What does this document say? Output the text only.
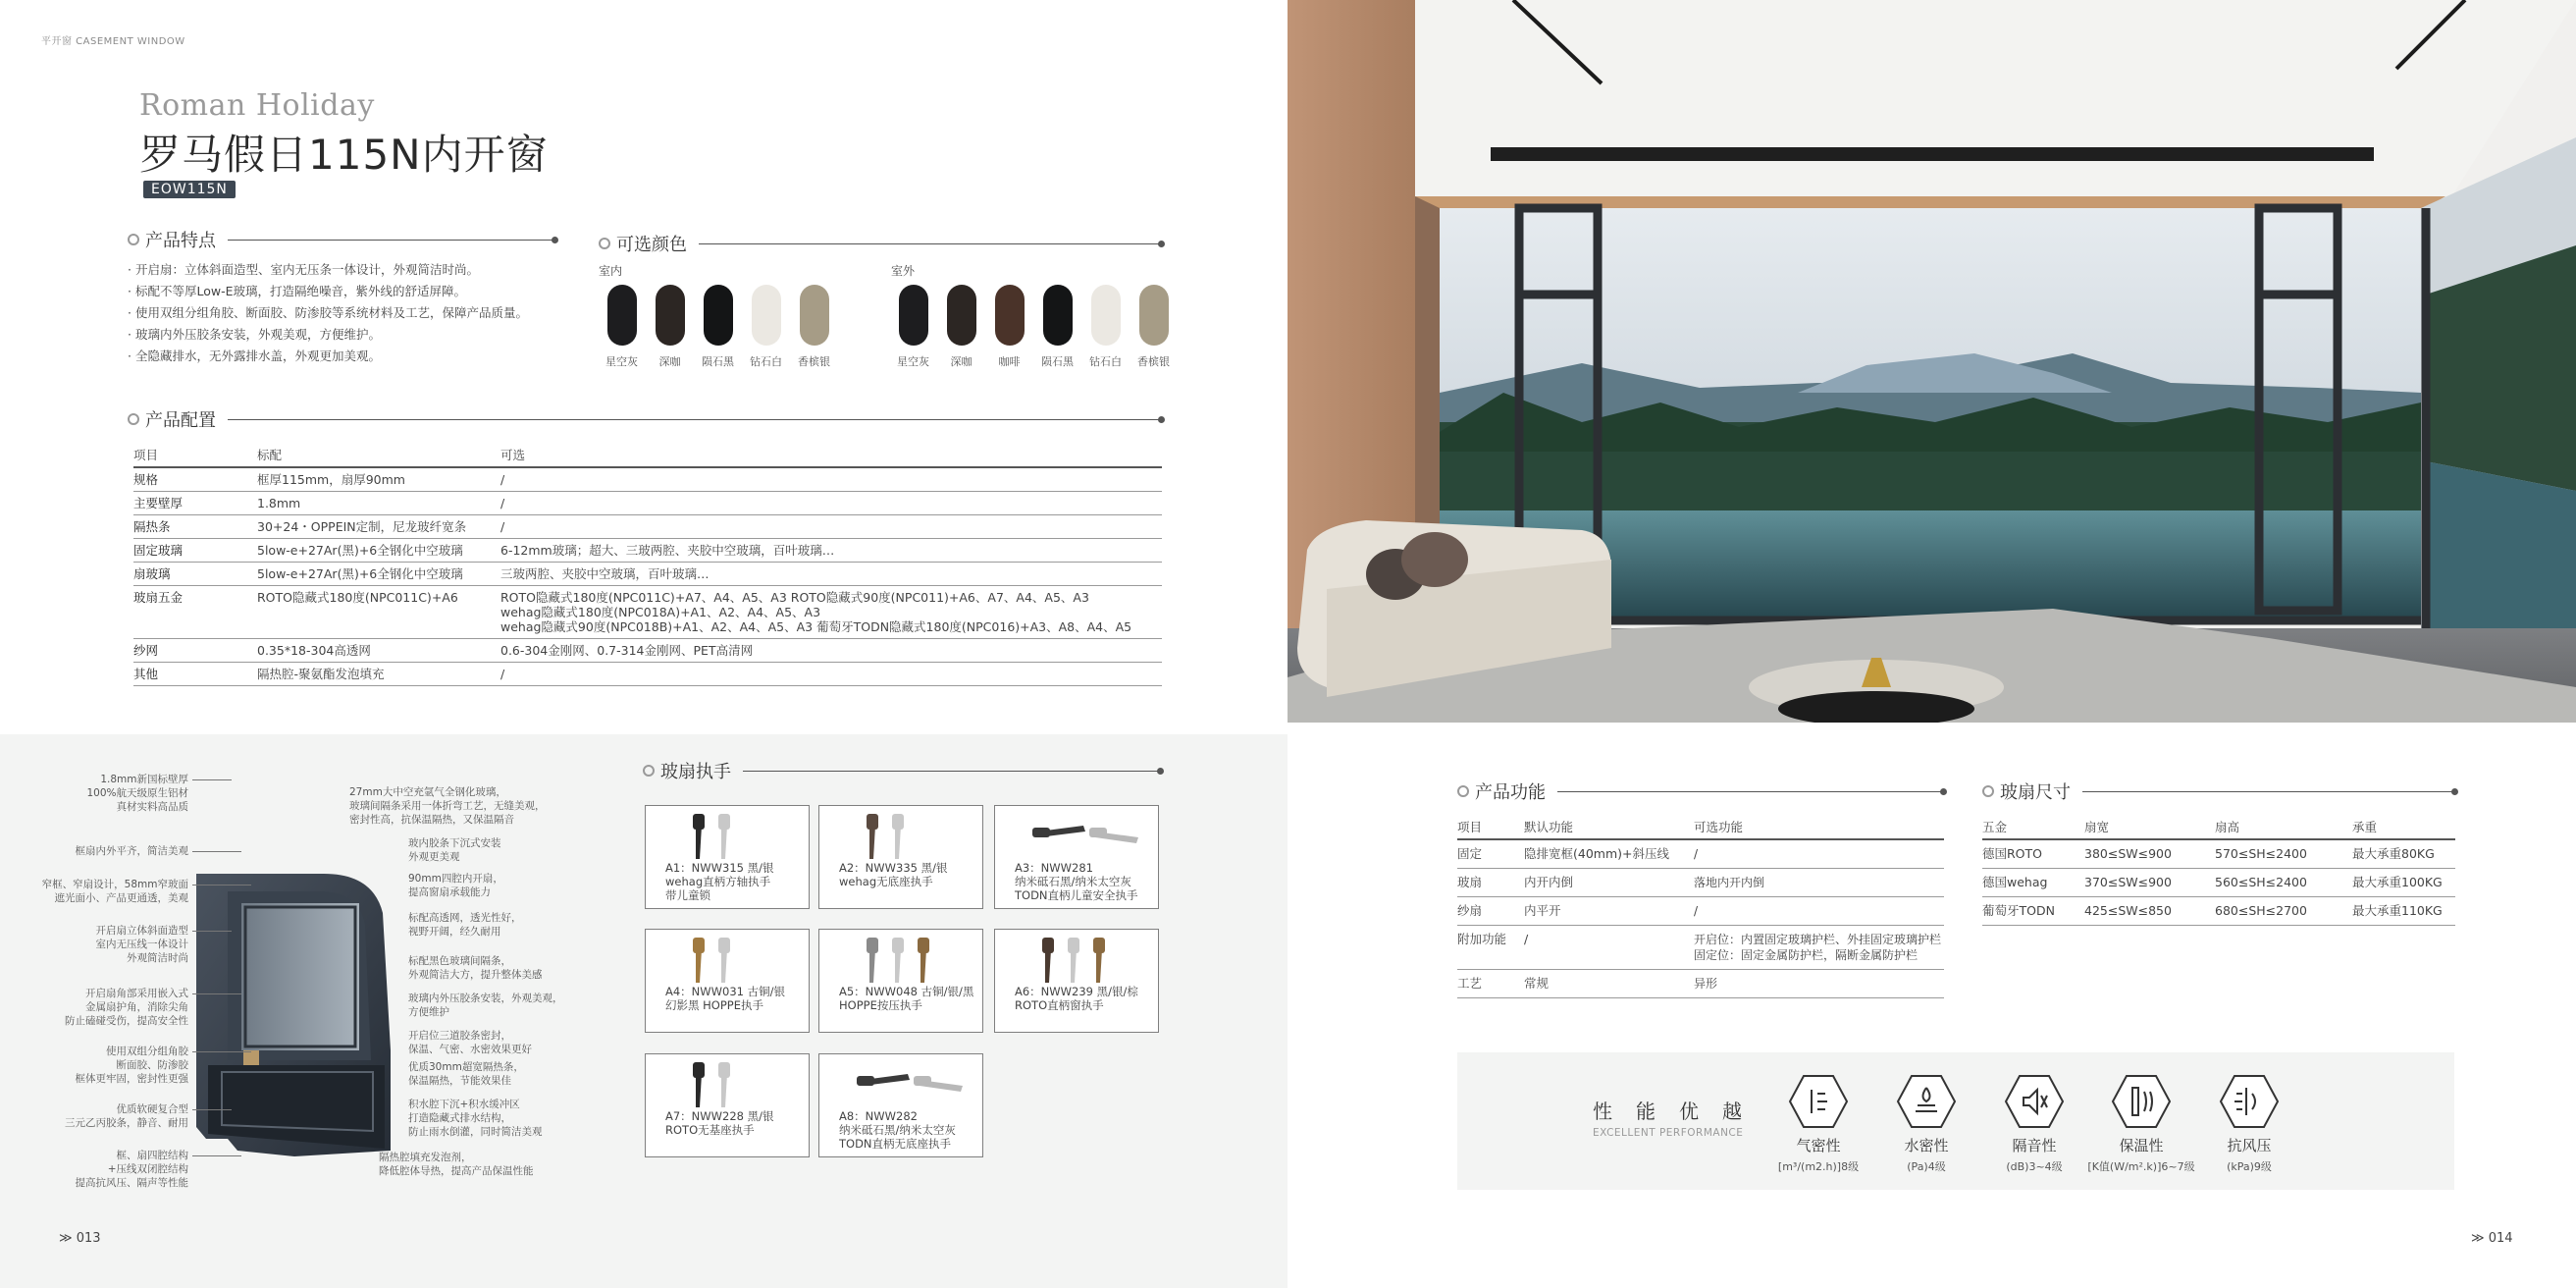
平开窗 CASEMENT WINDOW
Roman Holiday
罗马假日115N内开窗
EOW115N
产品特点
· 开启扇：立体斜面造型、室内无压条一体设计，外观简洁时尚。
· 标配不等厚Low-E玻璃，打造隔绝噪音，紫外线的舒适屏障。
· 使用双组分组角胶、断面胶、防渗胶等系统材料及工艺，保障产品质量。
· 玻璃内外压胶条安装，外观美观，方便维护。
· 全隐藏排水，无外露排水盖，外观更加美观。
可选颜色
室内	室外
星空灰 深咖 陨石黑 钻石白 香槟银	星空灰 深咖 咖啡 陨石黑 钻石白 香槟银
产品配置
项目	标配	可选
规格	框厚115mm，扇厚90mm	/
主要壁厚	1.8mm	/
隔热条	30+24・OPPEIN定制，尼龙玻纤宽条	/
固定玻璃	5low-e+27Ar(黑)+6全钢化中空玻璃	6-12mm玻璃；超大、三玻两腔、夹胶中空玻璃，百叶玻璃…
扇玻璃	5low-e+27Ar(黑)+6全钢化中空玻璃	三玻两腔、夹胶中空玻璃，百叶玻璃…
玻扇五金	ROTO隐藏式180度(NPC011C)+A6	ROTO隐藏式180度(NPC011C)+A7、A4、A5、A3 ROTO隐藏式90度(NPC011)+A6、A7、A4、A5、A3
wehag隐藏式180度(NPC018A)+A1、A2、A4、A5、A3
wehag隐藏式90度(NPC018B)+A1、A2、A4、A5、A3 葡萄牙TODN隐藏式180度(NPC016)+A3、A8、A4、A5
纱网	0.35*18-304高透网	0.6-304金刚网、0.7-314金刚网、PET高清网
其他	隔热腔-聚氨酯发泡填充	/
1.8mm新国标壁厚
100%航天级原生铝材
真材实料高品质
框扇内外平齐，简洁美观
窄框、窄扇设计，58mm窄玻面
遮光面小、产品更通透，美观
开启扇立体斜面造型
室内无压线一体设计
外观简洁时尚
开启扇角部采用嵌入式
金属扇护角，消除尖角
防止磕碰受伤，提高安全性
使用双组分组角胶
断面胶、防渗胶
框体更牢固，密封性更强
优质软硬复合型
三元乙丙胶条，静音、耐用
框、扇四腔结构
+压线双闭腔结构
提高抗风压、隔声等性能
27mm大中空充氩气全钢化玻璃，
玻璃间隔条采用一体折弯工艺，无缝美观，
密封性高，抗保温隔热，又保温隔音
玻内胶条下沉式安装
外观更美观
90mm四腔内开扇，
提高窗扇承载能力
标配高透网，透光性好，
视野开阔，经久耐用
标配黑色玻璃间隔条，
外观简洁大方，提升整体美感
玻璃内外压胶条安装，外观美观，
方便维护
开启位三道胶条密封，
保温、气密、水密效果更好
优质30mm超宽隔热条，
保温隔热，节能效果佳
积水腔下沉+积水缓冲区
打造隐藏式排水结构，
防止雨水倒灌，同时简洁美观
隔热腔填充发泡剂，
降低腔体导热，提高产品保温性能
玻扇执手
A1：NWW315 黑/银
wehag直柄方轴执手
带儿童锁
A2：NWW335 黑/银
wehag无底座执手
A3：NWW281
纳米砥石黑/纳米太空灰
TODN直柄儿童安全执手
A4：NWW031 古铜/银
幻影黑 HOPPE执手
A5：NWW048 古铜/银/黑
HOPPE按压执手
A6：NWW239 黑/银/棕
ROTO直柄窗执手
A7：NWW228 黑/银
ROTO无基座执手
A8：NWW282
纳米砥石黑/纳米太空灰
TODN直柄无底座执手
≫ 013
产品功能
项目	默认功能	可选功能
固定	隐排宽框(40mm)+斜压线	/
玻扇	内开内倒	落地内开内倒
纱扇	内平开	/
附加功能	/	开启位：内置固定玻璃护栏、外挂固定玻璃护栏
固定位：固定金属防护栏，隔断金属防护栏
工艺	常规	异形
玻扇尺寸
五金	扇宽	扇高	承重
德国ROTO	380≤SW≤900	570≤SH≤2400	最大承重80KG
德国wehag	370≤SW≤900	560≤SH≤2400	最大承重100KG
葡萄牙TODN	425≤SW≤850	680≤SH≤2700	最大承重110KG
性　能　优　越
EXCELLENT PERFORMANCE
气密性
[m³/(m2.h)]8级
水密性
(Pa)4级
隔音性
(dB)3~4级
保温性
[K值(W/m².k)]6~7级
抗风压
(kPa)9级
≫ 014
